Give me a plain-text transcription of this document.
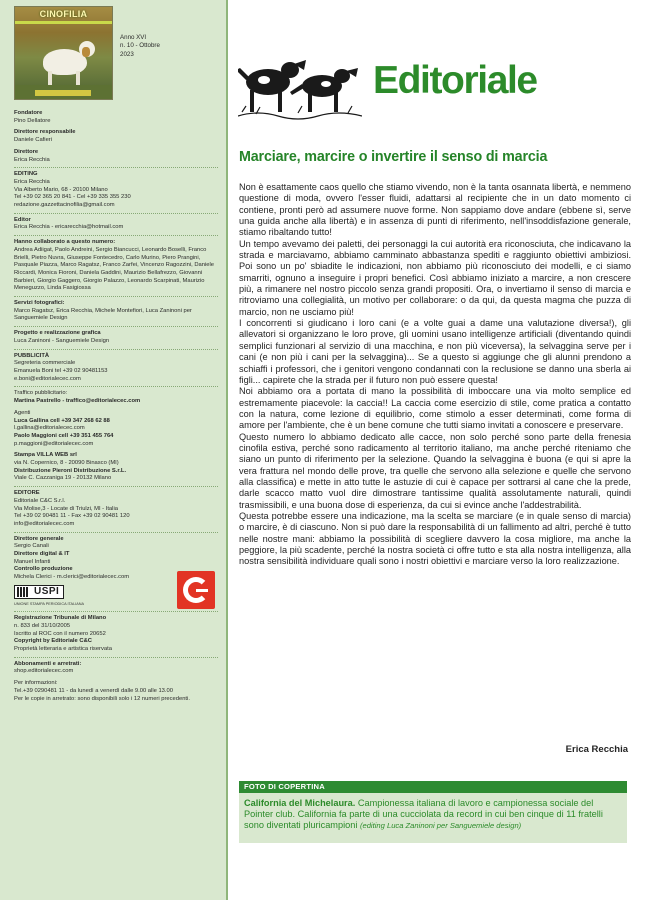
CINOFILIA
Anno XVI
n. 10 - Ottobre
2023
Fondatore
Pino Dellatore
Direttore responsabile
Daniele Cafieri
Direttore
Erica Recchia
EDITING
Erica Recchia
Via Alberto Mario, 68 - 20100 Milano
Tel +39 02 365 20 841 - Cel +39 335 355 230
redazione.gazzettacinofilia@gmail.com
Editor
Erica Recchia - ericarecchia@hotmail.com
Hanno collaborato a questo numero:
Andrea Adiigat, Paolo Andreini, Sergio Biancucci, Leonardo Boselli, Franco Brielli, Pietro Nuvra, Giuseppe Fontecedro, Carlo Murino, Piero Prangini, Pasquale Piazza, Marco Ragatsz, Franco Zarfei, Vincenzo Ragozzini, Daniele Riccardi, Monica Fioroni, Daniela Gaddini, Maurizio Bellafrezzo, Giovanni Barbieri, Giorgio Gaggero, Giorgio Palazzo, Leonardo Scarpinati, Maurizio Meneguzzo, Linda Fasigiossa
Servizi fotografici:
Marco Ragatsz, Erica Recchia, Michele Montefiori, Luca Zaninoni per Sanguemiele Design
Progetto e realizzazione grafica
Luca Zaninoni - Sanguemiele Design
PUBBLICITÀ
Segreteria commerciale
Emanuela Boni tel +39 02 90481153
e.boni@editorialecec.com
Traffico pubblicitario:
Martina Pastrello - traffico@editorialecec.com
Agenti
Luca Gallina cell +39 347 268 62 88
l.gallina@editorialecec.com
Paolo Maggioni cell +39 351 455 764
p.maggioni@editorialecec.com
Stampa VILLA WEB srl
via N. Copernico, 8 - 20090 Binasco (MI)
Distribuzione Pieroni Distribuzione S.r.L.
Viale C. Cazzaniga 19 - 20132 Milano
EDITORE
Editoriale C&C S.r.l.
Via Molise,3 - Locate di Triulzi, MI - Italia
Tel +39 02 90481 11 - Fax +39 02 90481 120
info@editorialecec.com
Direttore generale
Sergio Canali
Direttore digital & IT
Manuel Infanti
Controllo produzione
Michela Clerici - m.clerici@editorialecec.com
USPI
UNIONE STAMPA PERIODICA ITALIANA
Registrazione Tribunale di Milano
n. 833 del 31/10/2005
Iscritto al ROC con il numero 20652
Copyright by Editoriale C&C
Proprietà letteraria e artistica riservata
Abbonamenti e arretrati:
shop.editorialecec.com
Per informazioni:
Tel.+39 0290481 11 - da lunedì a venerdì dalle 9.00 alle 13.00
Per le copie in arretrato: sono disponibili solo i 12 numeri precedenti.
Editoriale
Marciare, marcire o invertire il senso di marcia

Non è esattamente caos quello che stiamo vivendo, non è la tanta osannata libertà, e nemmeno questione di moda, ovvero l'esser fluidi, adattarsi al recipiente che in un dato momento ci contiene, pronti però ad assumere nuove forme. Non sappiamo dove andare (ebbene sì, serve una guida anche alla libertà) e in assenza di punti di riferimento, nell'insoddisfazione generale, stiamo ribaltando tutto!

Un tempo avevamo dei paletti, dei personaggi la cui autorità era riconosciuta, che indicavano la strada e marciavamo, abbiamo camminato abbastanza spediti e raggiunto obiettivi ambiziosi. Poi sono un po' sbiadite le indicazioni, non abbiamo più riconosciuto dei modelli, e ci siamo smarriti, ognuno a inseguire i propri benefici. Così abbiamo iniziato a marcire, a non crescere più, a rimanere nel nostro piccolo senza grandi propositi. Ora, o invertiamo il senso di marcia e ritroviamo una collegialità, un motivo per collaborare: o da qui, da questa magma che puzza di marcio, non ne usciamo più!

I concorrenti si giudicano i loro cani (e a volte guai a dame una valutazione diversa!), gli allevatori si organizzano le loro prove, gli uomini usano intelligenze artificiali (diventando quindi semplici funzionari al servizio di una macchina, e non più viceversa), la selvaggina serve per i cani (e non più i cani per la selvaggina)... Se a questo si aggiunge che gli alunni prendono a schiaffi i professori, che i genitori vengono condannati con la reclusione se danno una sberla ai figli... capirete che la strada per il futuro non può essere questa!

Noi abbiamo ora a portata di mano la possibilità di imboccare una via molto semplice ed estremamente piacevole: la caccia!! La caccia come esercizio di stile, come pratica a contatto con la natura, come lezione di equilibrio, come stimolo a esser determinati, come forma di amore per l'ambiente, che è un bene comune che tutti siamo invitati a conoscere e preservare.

Questo numero lo abbiamo dedicato alle cacce, non solo perché sono parte della frenesia cinofila estiva, perché sono radicamento al territorio italiano, ma anche perché riteniamo che siano un punto di riferimento per la selezione. Quando la selvaggina è buona (e qui si apre la vera frattura nel mondo delle prove, tra quelle che servono alla selezione e quelle che servono alla classifica) e mette in atto tutte le astuzie di cui è capace per sottrarsi al cane che la prede, darle scacco matto vuol dire dimostrare tantissime qualità assolutamente naturali, quindi trasmissibili, e una buona dose di esperienza, da cui si evince anche l'addestrabilità.

Questa potrebbe essere una indicazione, ma la scelta se marciare (e in quale senso di marcia) o marcire, è di ciascuno. Non si può dare la responsabilità di un fallimento ad altri, perché è tutto nelle nostre mani: abbiamo la possibilità di scegliere davvero la cosa migliore, ma anche la peggiore, la più scadente, perché la nostra società ci offre tutto e sta alla nostra intelligenza, alla nostra sensibilità individuare quali sono i nostri obiettivi e marciare verso la loro realizzazione.

Erica Recchia
FOTO DI COPERTINA
California del Michelaura. Campionessa italiana di lavoro e campionessa sociale del Pointer club. California fa parte di una cucciolata da record in cui ben cinque di 11 fratelli sono diventati pluricampioni (editing Luca Zaninoni per Sanguemiele design)
